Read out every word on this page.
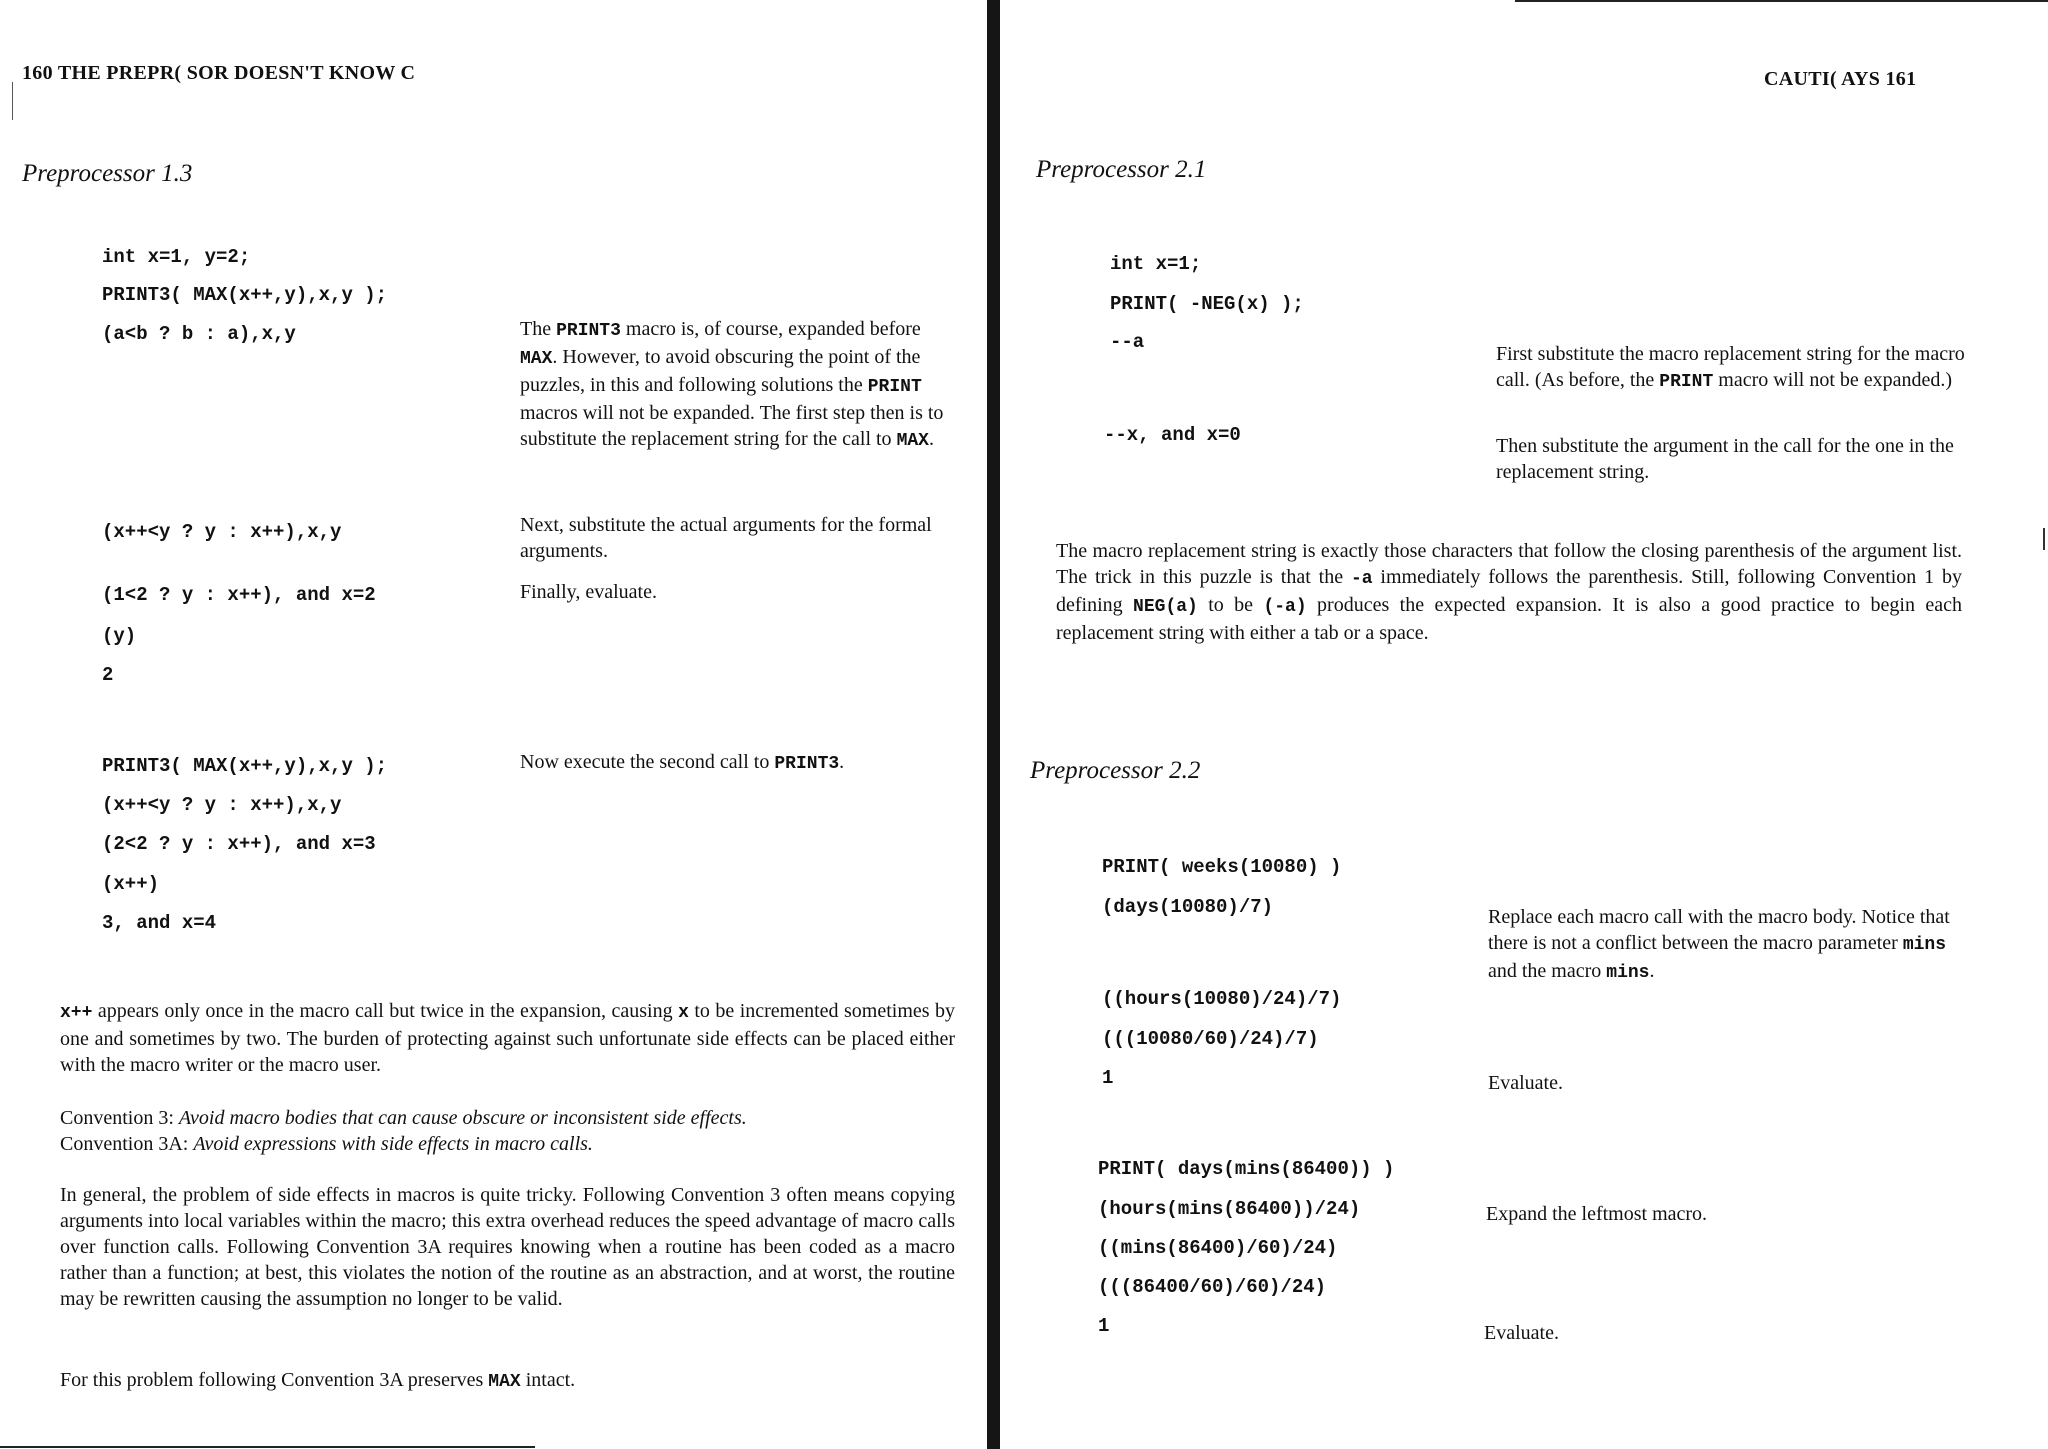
160 THE PREPR( SOR DOESN'T KNOW C
Preprocessor 1.3
int x=1, y=2;
PRINT3( MAX(x++,y),x,y );
(a<b ? b : a),x,y
(x++<y ? y : x++),x,y
(1<2 ? y : x++), and x=2
(y)
2
PRINT3( MAX(x++,y),x,y );
(x++<y ? y : x++),x,y
(2<2 ? y : x++), and x=3
(x++)
3, and x=4
The PRINT3 macro is, of course, expanded before MAX. However, to avoid obscuring the point of the puzzles, in this and following solutions the PRINT macros will not be expanded. The first step then is to substitute the replacement string for the call to MAX.
Next, substitute the actual arguments for the formal arguments.
Finally, evaluate.
Now execute the second call to PRINT3.
x++ appears only once in the macro call but twice in the expansion, causing x to be incremented sometimes by one and sometimes by two. The burden of protecting against such unfortunate side effects can be placed either with the macro writer or the macro user.
Convention 3: Avoid macro bodies that can cause obscure or inconsistent side effects.
Convention 3A: Avoid expressions with side effects in macro calls.
In general, the problem of side effects in macros is quite tricky. Following Convention 3 often means copying arguments into local variables within the macro; this extra overhead reduces the speed advantage of macro calls over function calls. Following Convention 3A requires knowing when a routine has been coded as a macro rather than a function; at best, this violates the notion of the routine as an abstraction, and at worst, the routine may be rewritten causing the assumption no longer to be valid.
For this problem following Convention 3A preserves MAX intact.
CAUTI( AYS 161
Preprocessor 2.1
int x=1;
PRINT( -NEG(x) );
--a
--x, and x=0
First substitute the macro replacement string for the macro call. (As before, the PRINT macro will not be expanded.)
Then substitute the argument in the call for the one in the replacement string.
The macro replacement string is exactly those characters that follow the closing parenthesis of the argument list. The trick in this puzzle is that the -a immediately follows the parenthesis. Still, following Convention 1 by defining NEG(a) to be (-a) produces the expected expansion. It is also a good practice to begin each replacement string with either a tab or a space.
Preprocessor 2.2
PRINT( weeks(10080) )
(days(10080)/7)
((hours(10080)/24)/7)
(((10080/60)/24)/7)
1
PRINT( days(mins(86400)) )
(hours(mins(86400))/24)
((mins(86400)/60)/24)
(((86400/60)/60)/24)
1
Replace each macro call with the macro body. Notice that there is not a conflict between the macro parameter mins and the macro mins.
Evaluate.
Expand the leftmost macro.
Evaluate.
